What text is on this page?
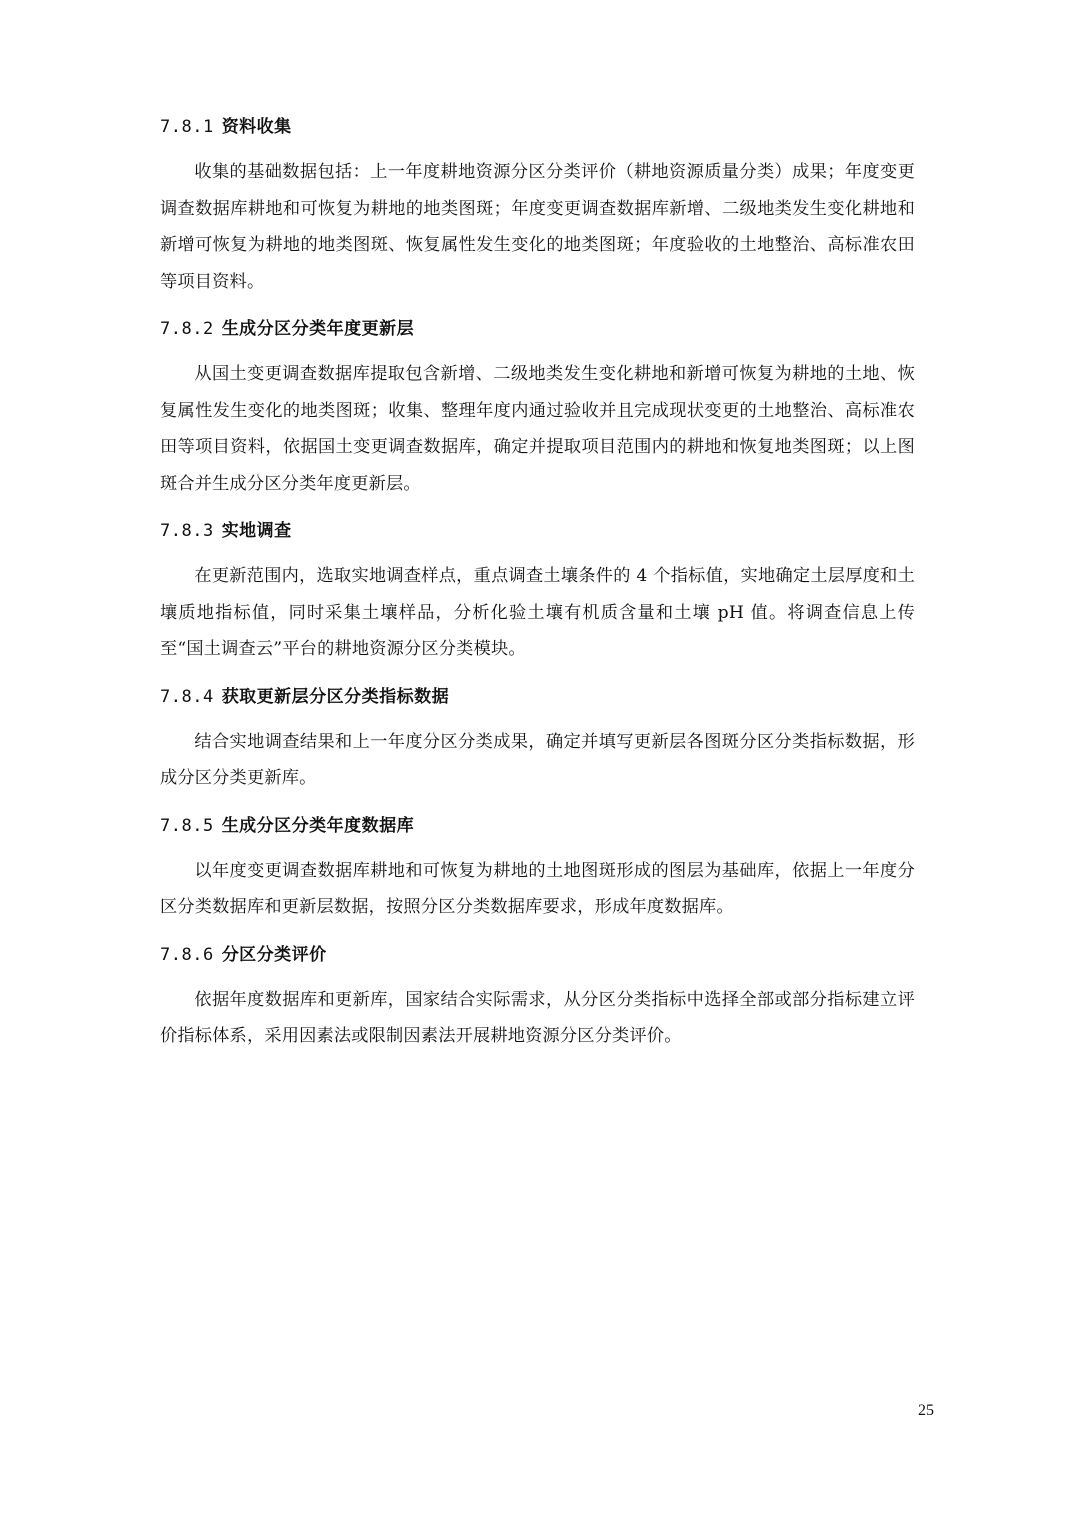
7.8.1 资料收集

收集的基础数据包括：上一年度耕地资源分区分类评价（耕地资源质量分类）成果；年度变更调查数据库耕地和可恢复为耕地的地类图斑；年度变更调查数据库新增、二级地类发生变化耕地和新增可恢复为耕地的地类图斑、恢复属性发生变化的地类图斑；年度验收的土地整治、高标准农田等项目资料。

7.8.2 生成分区分类年度更新层

从国土变更调查数据库提取包含新增、二级地类发生变化耕地和新增可恢复为耕地的土地、恢复属性发生变化的地类图斑；收集、整理年度内通过验收并且完成现状变更的土地整治、高标准农田等项目资料，依据国土变更调查数据库，确定并提取项目范围内的耕地和恢复地类图斑；以上图斑合并生成分区分类年度更新层。

7.8.3 实地调查

在更新范围内，选取实地调查样点，重点调查土壤条件的 4 个指标值，实地确定土层厚度和土壤质地指标值，同时采集土壤样品，分析化验土壤有机质含量和土壤 pH 值。将调查信息上传至“国土调查云”平台的耕地资源分区分类模块。

7.8.4 获取更新层分区分类指标数据

结合实地调查结果和上一年度分区分类成果，确定并填写更新层各图斑分区分类指标数据，形成分区分类更新库。

7.8.5 生成分区分类年度数据库

以年度变更调查数据库耕地和可恢复为耕地的土地图斑形成的图层为基础库，依据上一年度分区分类数据库和更新层数据，按照分区分类数据库要求，形成年度数据库。

7.8.6 分区分类评价

依据年度数据库和更新库，国家结合实际需求，从分区分类指标中选择全部或部分指标建立评价指标体系，采用因素法或限制因素法开展耕地资源分区分类评价。

25
